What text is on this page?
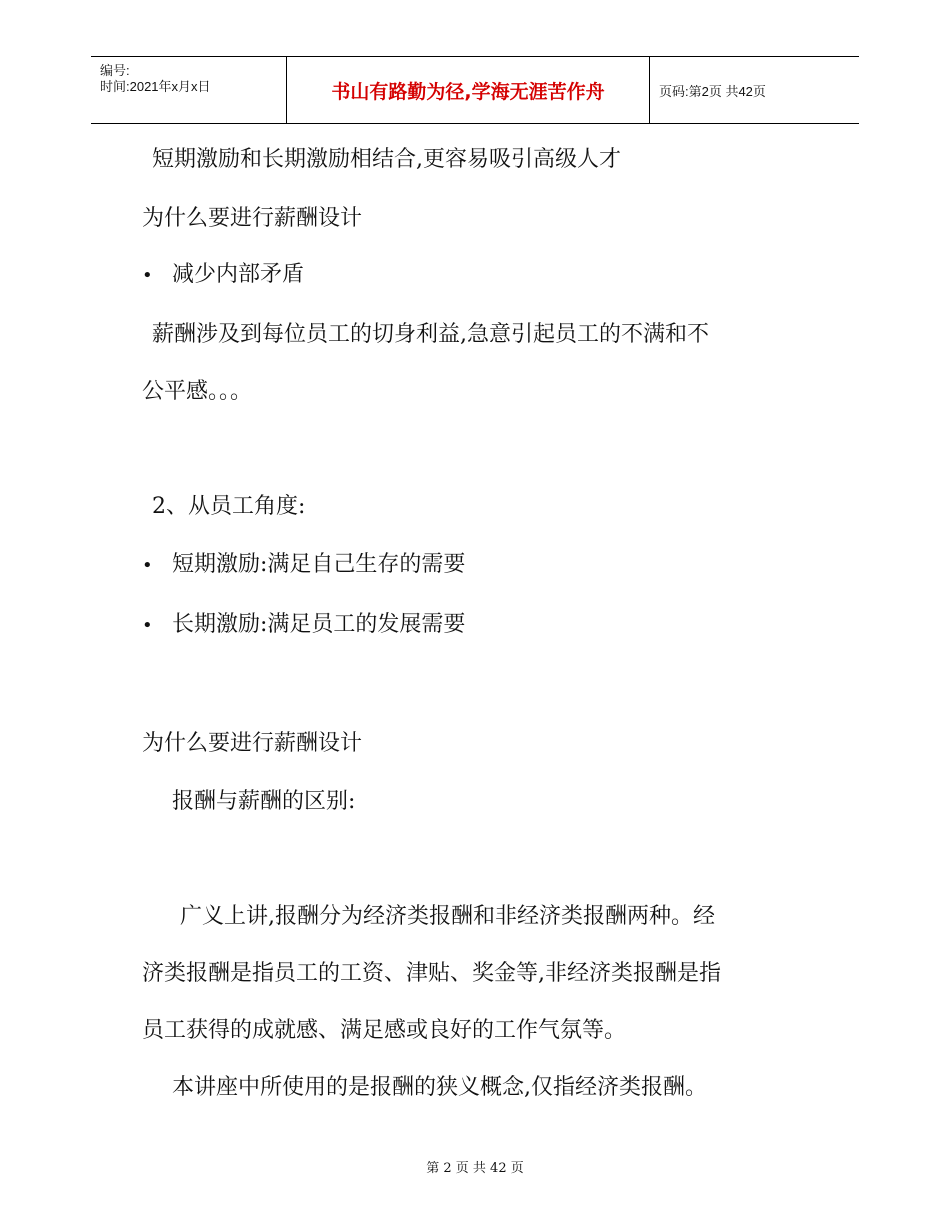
编号:
时间:2021年x月x日	书山有路勤为径,学海无涯苦作舟	页码:第2页 共42页
短期激励和长期激励相结合,更容易吸引高级人才
为什么要进行薪酬设计
• 减少内部矛盾
薪酬涉及到每位员工的切身利益,急意引起员工的不满和不
公平感。。。
2、从员工角度:
• 短期激励:满足自己生存的需要
• 长期激励:满足员工的发展需要
为什么要进行薪酬设计
报酬与薪酬的区别:
广义上讲,报酬分为经济类报酬和非经济类报酬两种。经
济类报酬是指员工的工资、津贴、奖金等,非经济类报酬是指
员工获得的成就感、满足感或良好的工作气氛等。
本讲座中所使用的是报酬的狭义概念,仅指经济类报酬。
第 2 页 共 42 页
